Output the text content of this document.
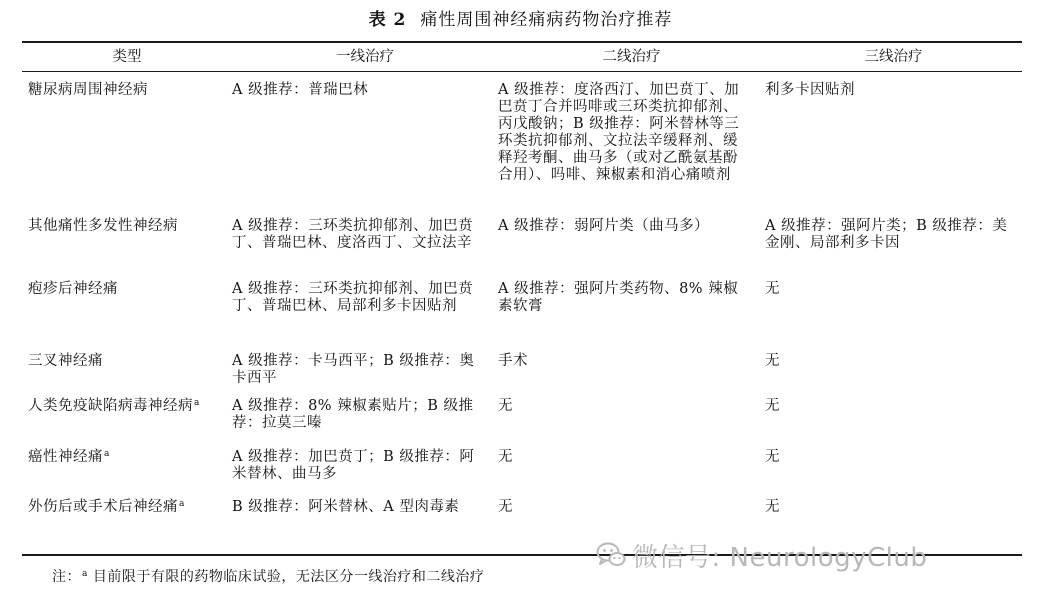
表 2 痛性周围神经痛病药物治疗推荐
类型	一线治疗	二线治疗	三线治疗
糖尿病周围神经病	A 级推荐：普瑞巴林	A 级推荐：度洛西汀、加巴贲丁、加巴贲丁合并吗啡或三环类抗抑郁剂、丙戊酸钠；B 级推荐：阿米替林等三环类抗抑郁剂、文拉法辛缓释剂、缓释羟考酮、曲马多（或对乙酰氨基酚合用）、吗啡、辣椒素和消心痛喷剂	利多卡因贴剂
其他痛性多发性神经病	A 级推荐：三环类抗抑郁剂、加巴贲丁、普瑞巴林、度洛西丁、文拉法辛	A 级推荐：弱阿片类（曲马多）	A 级推荐：强阿片类；B 级推荐：美金刚、局部利多卡因
疱疹后神经痛	A 级推荐：三环类抗抑郁剂、加巴贲丁、普瑞巴林、局部利多卡因贴剂	A 级推荐：强阿片类药物、8% 辣椒素软膏	无
三叉神经痛	A 级推荐：卡马西平；B 级推荐：奥卡西平	手术	无
人类免疫缺陷病毒神经病$^a$	A 级推荐：8% 辣椒素贴片；B 级推荐：拉莫三嗪	无	无
癌性神经痛$^a$	A 级推荐：加巴贲丁；B 级推荐：阿米替林、曲马多	无	无
外伤后或手术后神经痛$^a$	B 级推荐：阿米替林、A 型肉毒素	无	无
注：$^a$ 目前限于有限的药物临床试验，无法区分一线治疗和二线治疗
微信号: NeurologyClub
